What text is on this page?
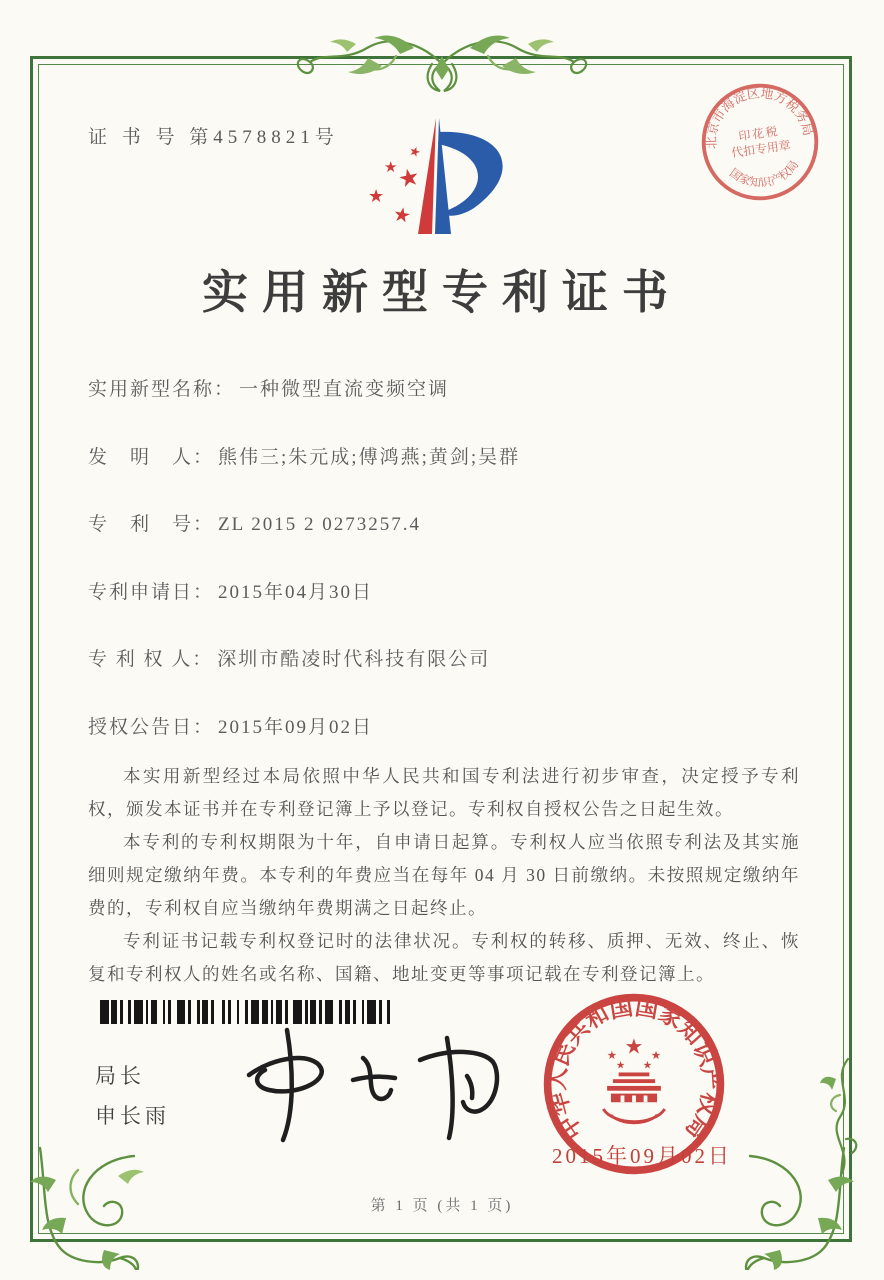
证 书 号 第4578821号
★
★
★
★
★
北京市海淀区地方税务局
国家知识产权局
印花税
代扣专用章
实用新型专利证书
实用新型名称： 一种微型直流变频空调
发　明　人： 熊伟三;朱元成;傅鸿燕;黄剑;吴群
专　利　号： ZL 2015 2 0273257.4
专利申请日： 2015年04月30日
专 利 权 人： 深圳市酷凌时代科技有限公司
授权公告日： 2015年09月02日

本实用新型经过本局依照中华人民共和国专利法进行初步审查，决定授予专利权，颁发本证书并在专利登记簿上予以登记。专利权自授权公告之日起生效。

本专利的专利权期限为十年，自申请日起算。专利权人应当依照专利法及其实施细则规定缴纳年费。本专利的年费应当在每年 04 月 30 日前缴纳。未按照规定缴纳年费的，专利权自应当缴纳年费期满之日起终止。

专利证书记载专利权登记时的法律状况。专利权的转移、质押、无效、终止、恢复和专利权人的姓名或名称、国籍、地址变更等事项记载在专利登记簿上。

局长
申长雨	中华人民共和国国家知识产权局
★
★	★
★ ★
2015年09月02日
第 1 页 (共 1 页)
